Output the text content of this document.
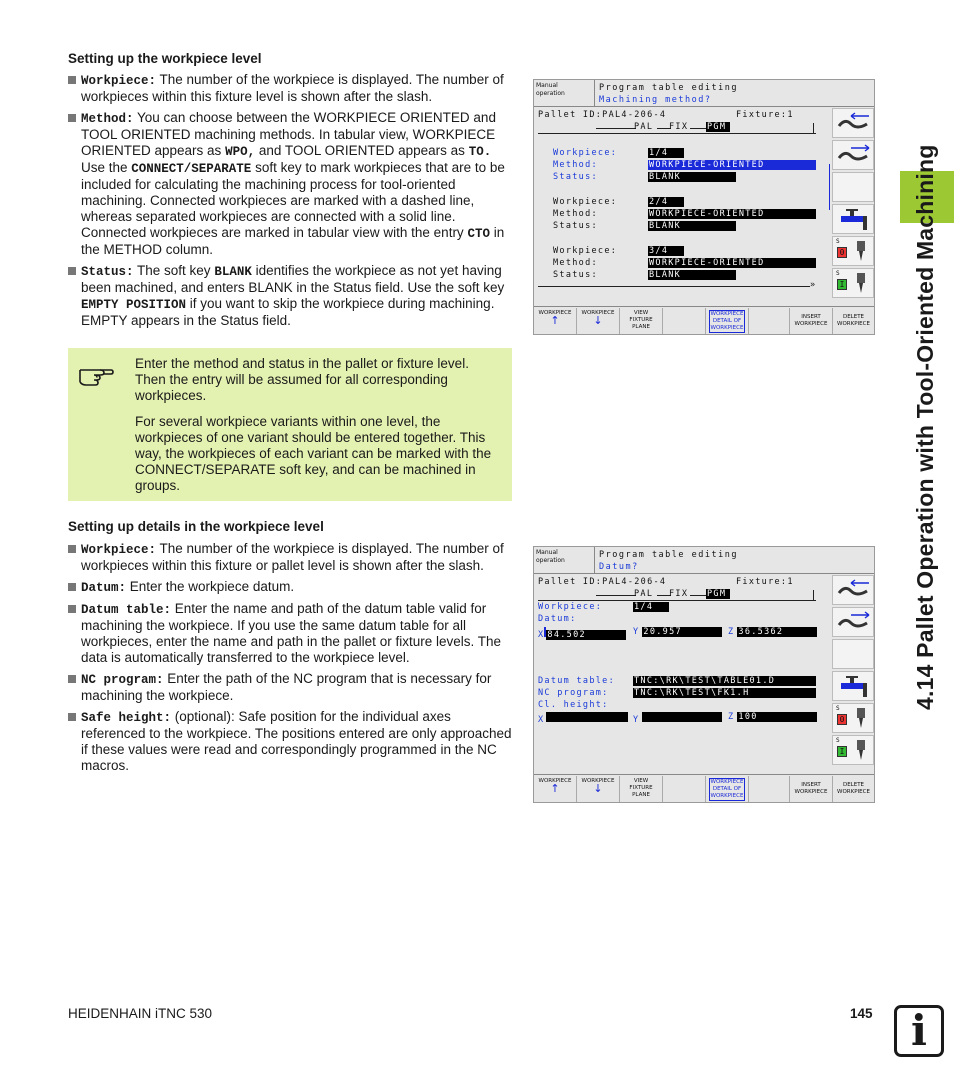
Setting up the workpiece level
Workpiece: The number of the workpiece is displayed. The number of workpieces within this fixture level is shown after the slash.
Method: You can choose between the WORKPIECE ORIENTED and TOOL ORIENTED machining methods. In tabular view, WORKPIECE ORIENTED appears as WPO, and TOOL ORIENTED appears as TO.
Use the CONNECT/SEPARATE soft key to mark workpieces that are to be included for calculating the machining process for tool-oriented machining. Connected workpieces are marked with a dashed line, whereas separated workpieces are connected with a solid line. Connected workpieces are marked in tabular view with the entry CTO in the METHOD column.
Status: The soft key BLANK identifies the workpiece as not yet having been machined, and enters BLANK in the Status field. Use the soft key EMPTY POSITION if you want to skip the workpiece during machining. EMPTY appears in the Status field.
Enter the method and status in the pallet or fixture level. Then the entry will be assumed for all corresponding workpieces.
For several workpiece variants within one level, the workpieces of one variant should be entered together. This way, the workpieces of each variant can be marked with the CONNECT/SEPARATE soft key, and can be machined in groups.
Setting up details in the workpiece level
Workpiece: The number of the workpiece is displayed. The number of workpieces within this fixture or pallet level is shown after the slash.
Datum: Enter the workpiece datum.
Datum table: Enter the name and path of the datum table valid for machining the workpiece. If you use the same datum table for all workpieces, enter the name and path in the pallet or fixture levels. The data is automatically transferred to the workpiece level.
NC program: Enter the path of the NC program that is necessary for machining the workpiece.
Safe height: (optional): Safe position for the individual axes referenced to the workpiece. The positions entered are only approached if these values were read and correspondingly programmed in the NC macros.
4.14 Pallet Operation with Tool-Oriented Machining
Manual
operation
Program table editing
Machining method?
Pallet ID:PAL4-206-4	Fixture:1
PAL FIX PGM
Workpiece:	1/4
Method:	WORKPIECE-ORIENTED
Status:	BLANK
Workpiece:	2/4
Method:	WORKPIECE-ORIENTED
Status:	BLANK
Workpiece:	3/4
Method:	WORKPIECE-ORIENTED
Status:	BLANK
»
S
0
S
I
WORKPIECE
↑
WORKPIECE
↓
VIEW
FIXTURE
PLANE
WORKPIECE
DETAIL OF
WORKPIECE
INSERT
WORKPIECE
DELETE
WORKPIECE
Manual
operation
Program table editing
Datum?
Pallet ID:PAL4-206-4	Fixture:1
PAL FIX PGM
Workpiece:	1/4
Datum:
X 84.502	Y 20.957	Z 36.5362
Datum table: TNC:\RK\TEST\TABLE01.D
NC program:	TNC:\RK\TEST\FK1.H
Cl. height:
X	Y	Z 100
S
0
S
I
WORKPIECE
↑
WORKPIECE
↓
VIEW
FIXTURE
PLANE
WORKPIECE
DETAIL OF
WORKPIECE
INSERT
WORKPIECE
DELETE
WORKPIECE
HEIDENHAIN iTNC 530	145 i
